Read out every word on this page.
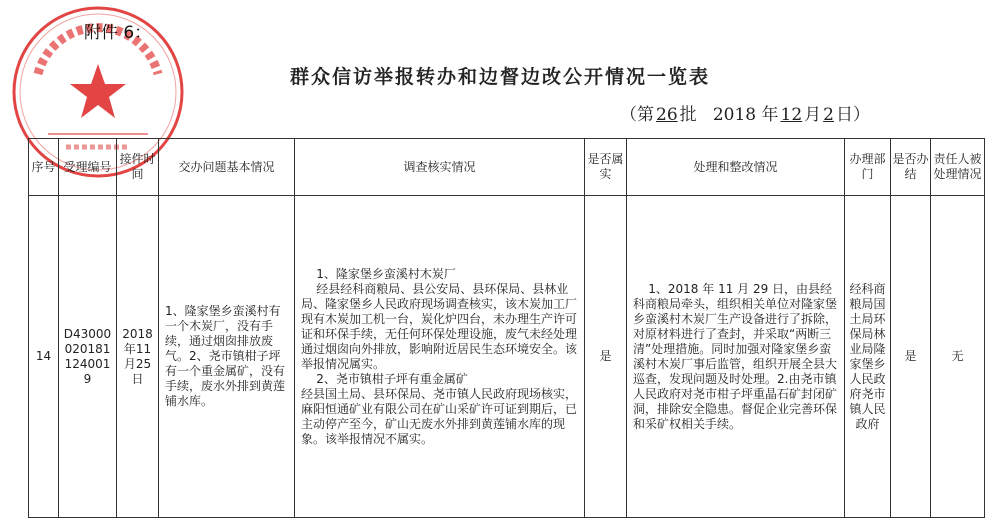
附件 6：
群众信访举报转办和边督边改公开情况一览表
（第 26 批 2018 年 12 月 2 日）
序号	受理编号	接件时间	交办问题基本情况	调查核实情况	是否属实	处理和整改情况	办理部门	是否办结	责任人被处理情况
14	D43000020181124001 9	2018年11月25日	1、隆家堡乡蛮溪村有一个木炭厂，没有手续，通过烟囱排放废气。2、尧市镇柑子坪有一个重金属矿，没有手续，废水外排到黄莲铺水库。	1、隆家堡乡蛮溪村木炭厂
经县经科商粮局、县公安局、县环保局、县林业局、隆家堡乡人民政府现场调查核实，该木炭加工厂现有木炭加工机一台，炭化炉四台，未办理生产许可证和环保手续，无任何环保处理设施，废气未经处理通过烟囱向外排放，影响附近居民生态环境安全。该举报情况属实。
2、尧市镇柑子坪有重金属矿
经县国土局、县环保局、尧市镇人民政府现场核实，麻阳恒通矿业有限公司在矿山采矿许可证到期后，已主动停产至今，矿山无废水外排到黄莲铺水库的现象。该举报情况不属实。	是	1、2018 年 11 月 29 日，由县经科商粮局牵头，组织相关单位对隆家堡乡蛮溪村木炭厂生产设备进行了拆除，对原材料进行了查封，并采取“两断三清”处理措施。同时加强对隆家堡乡蛮溪村木炭厂事后监管，组织开展全县大巡查，发现问题及时处理。2.由尧市镇人民政府对尧市柑子坪重晶石矿封闭矿洞，排除安全隐患。督促企业完善环保和采矿权相关手续。	经科商粮局国土局环保局林业局隆家堡乡人民政府尧市镇人民政府	是	无
